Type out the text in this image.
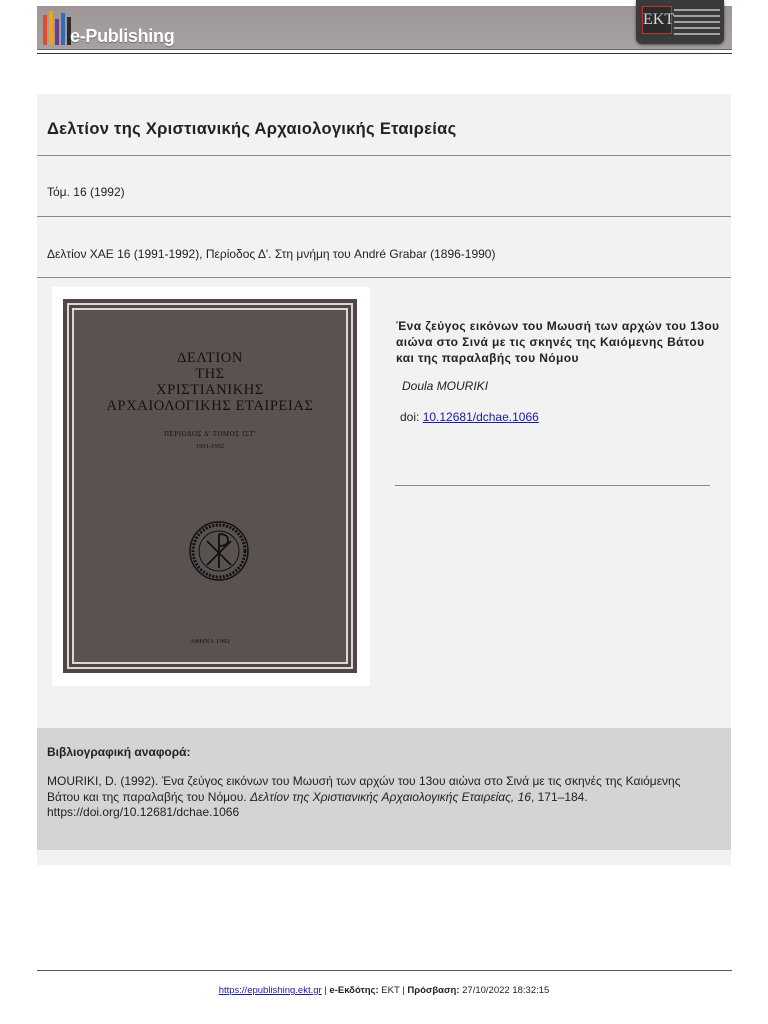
e-Publishing
EKT
Δελτίον της Χριστιανικής Αρχαιολογικής Εταιρείας
Τόμ. 16 (1992)
Δελτίον ΧΑΕ 16 (1991-1992), Περίοδος Δ'. Στη μνήμη του André Grabar (1896-1990)
ΔΕΛΤΙΟΝ
ΤΗΣ
ΧΡΙΣΤΙΑΝΙΚΗΣ
ΑΡΧΑΙΟΛΟΓΙΚΗΣ ΕΤΑΙΡΕΙΑΣ
ΠΕΡΙΟΔΟΣ Δ' ΤΟΜΟΣ ΙΣΤ'
1991-1992
ΑΘΗΝΑ 1992
Ένα ζεύγος εικόνων του Μωυσή των αρχών του 13ου αιώνα στο Σινά με τις σκηνές της Καιόμενης Βάτου και της παραλαβής του Νόμου
Doula MOURIKI
doi: 10.12681/dchae.1066
Βιβλιογραφική αναφορά:
MOURIKI, D. (1992). Ένα ζεύγος εικόνων του Μωυσή των αρχών του 13ου αιώνα στο Σινά με τις σκηνές της Καιόμενης Βάτου και της παραλαβής του Νόμου. Δελτίον της Χριστιανικής Αρχαιολογικής Εταιρείας, 16, 171–184. https://doi.org/10.12681/dchae.1066
https://epublishing.ekt.gr | e-Εκδότης: EKT | Πρόσβαση: 27/10/2022 18:32:15
